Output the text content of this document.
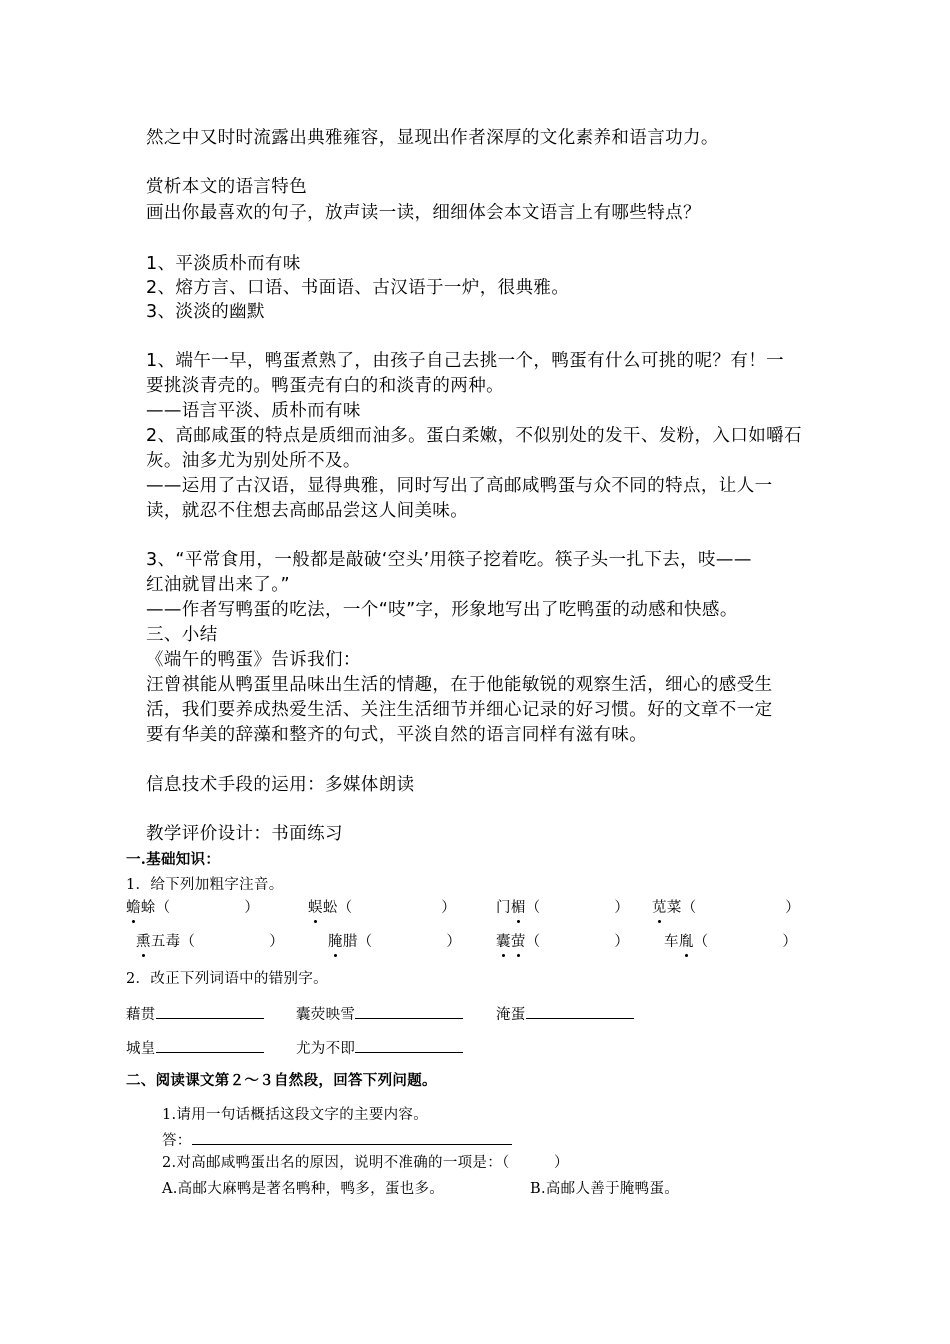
然之中又时时流露出典雅雍容，显现出作者深厚的文化素养和语言功力。
赏析本文的语言特色
画出你最喜欢的句子，放声读一读，细细体会本文语言上有哪些特点？
1、平淡质朴而有味
2、熔方言、口语、书面语、古汉语于一炉，很典雅。
3、淡淡的幽默
1、端午一早，鸭蛋煮熟了，由孩子自己去挑一个，鸭蛋有什么可挑的呢？有！一
要挑淡青壳的。鸭蛋壳有白的和淡青的两种。
——语言平淡、质朴而有味
2、高邮咸蛋的特点是质细而油多。蛋白柔嫩，不似别处的发干、发粉，入口如嚼石
灰。油多尤为别处所不及。
——运用了古汉语，显得典雅，同时写出了高邮咸鸭蛋与众不同的特点，让人一
读，就忍不住想去高邮品尝这人间美味。
3、“平常食用，一般都是敲破‘空头’用筷子挖着吃。筷子头一扎下去，吱——
红油就冒出来了。”
——作者写鸭蛋的吃法，一个“吱”字，形象地写出了吃鸭蛋的动感和快感。
三、小结
《端午的鸭蛋》告诉我们：
汪曾祺能从鸭蛋里品味出生活的情趣，在于他能敏锐的观察生活，细心的感受生
活，我们要养成热爱生活、关注生活细节并细心记录的好习惯。好的文章不一定
要有华美的辞藻和整齐的句式，平淡自然的语言同样有滋有味。
信息技术手段的运用：多媒体朗读
教学评价设计：书面练习
一.基础知识：
1．给下列加粗字注音。
蟾蜍（　　　　　）	蜈蚣（　　　　　　）	门楣（　　　　　） 苋菜（　　　　　　）
熏五毒（　　　　　）	腌腊（　　　　　） 囊萤（　　　　　） 车胤（　　　　　）
2．改正下列词语中的错别字。
藉贯	囊荧映雪	淹蛋
城皇	尤为不即
二、阅读课文第２～３自然段，回答下列问题。
1.请用一句话概括这段文字的主要内容。
答：
2.对高邮咸鸭蛋出名的原因，说明不准确的一项是：（　　　）
A.高邮大麻鸭是著名鸭种，鸭多，蛋也多。	B.高邮人善于腌鸭蛋。
